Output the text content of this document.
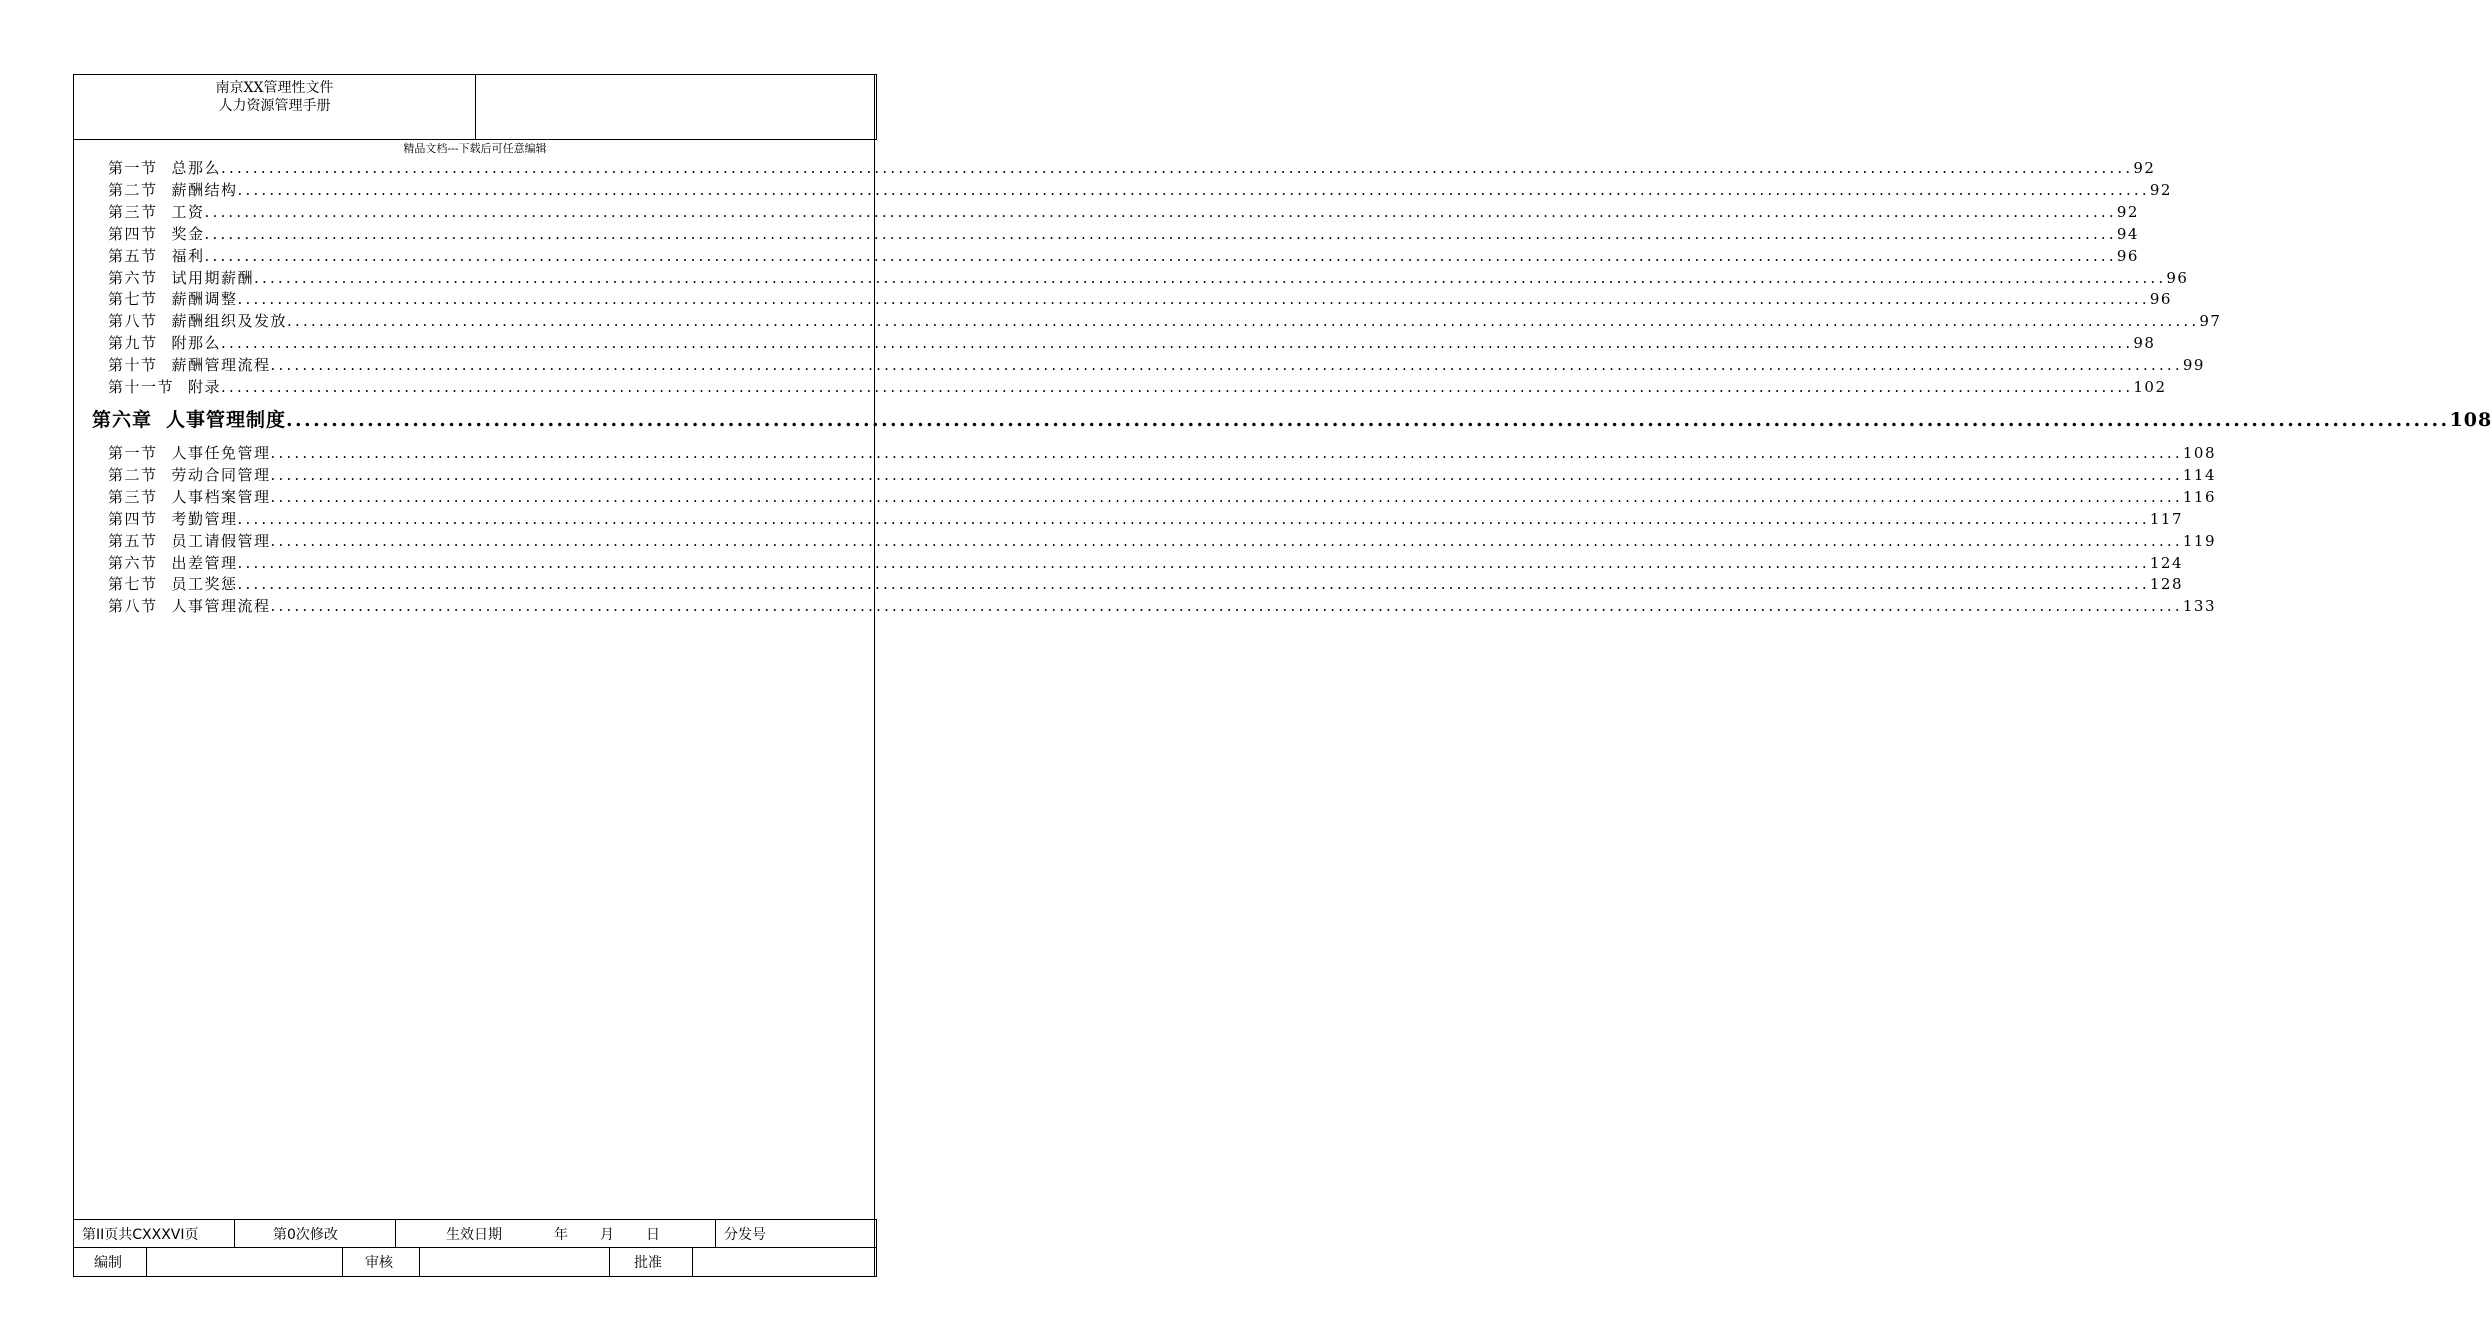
南京XX管理性文件
人力资源管理手册
精品文档---下载后可任意编辑
第一节 总那么 ................................................................................................................................................................................................................................................ 92
第二节 薪酬结构 ................................................................................................................................................................................................................................................ 92
第三节 工资 ................................................................................................................................................................................................................................................ 92
第四节 奖金 ................................................................................................................................................................................................................................................ 94
第五节 福利 ................................................................................................................................................................................................................................................ 96
第六节 试用期薪酬 ................................................................................................................................................................................................................................................ 96
第七节 薪酬调整 ................................................................................................................................................................................................................................................ 96
第八节 薪酬组织及发放 ................................................................................................................................................................................................................................................ 97
第九节 附那么 ................................................................................................................................................................................................................................................ 98
第十节 薪酬管理流程 ................................................................................................................................................................................................................................................ 99
第十一节 附录 ................................................................................................................................................................................................................................................ 102
第六章 人事管理制度 ................................................................................................................................................................................................................................................ 108
第一节 人事任免管理 ................................................................................................................................................................................................................................................ 108
第二节 劳动合同管理 ................................................................................................................................................................................................................................................ 114
第三节 人事档案管理 ................................................................................................................................................................................................................................................ 116
第四节 考勤管理 ................................................................................................................................................................................................................................................ 117
第五节 员工请假管理 ................................................................................................................................................................................................................................................ 119
第六节 出差管理 ................................................................................................................................................................................................................................................ 124
第七节 员工奖惩 ................................................................................................................................................................................................................................................ 128
第八节 人事管理流程 ................................................................................................................................................................................................................................................ 133
第II页共CXXXVI页	第0次修改	生效日期	年 月 日	分发号
编制	审核	批准
